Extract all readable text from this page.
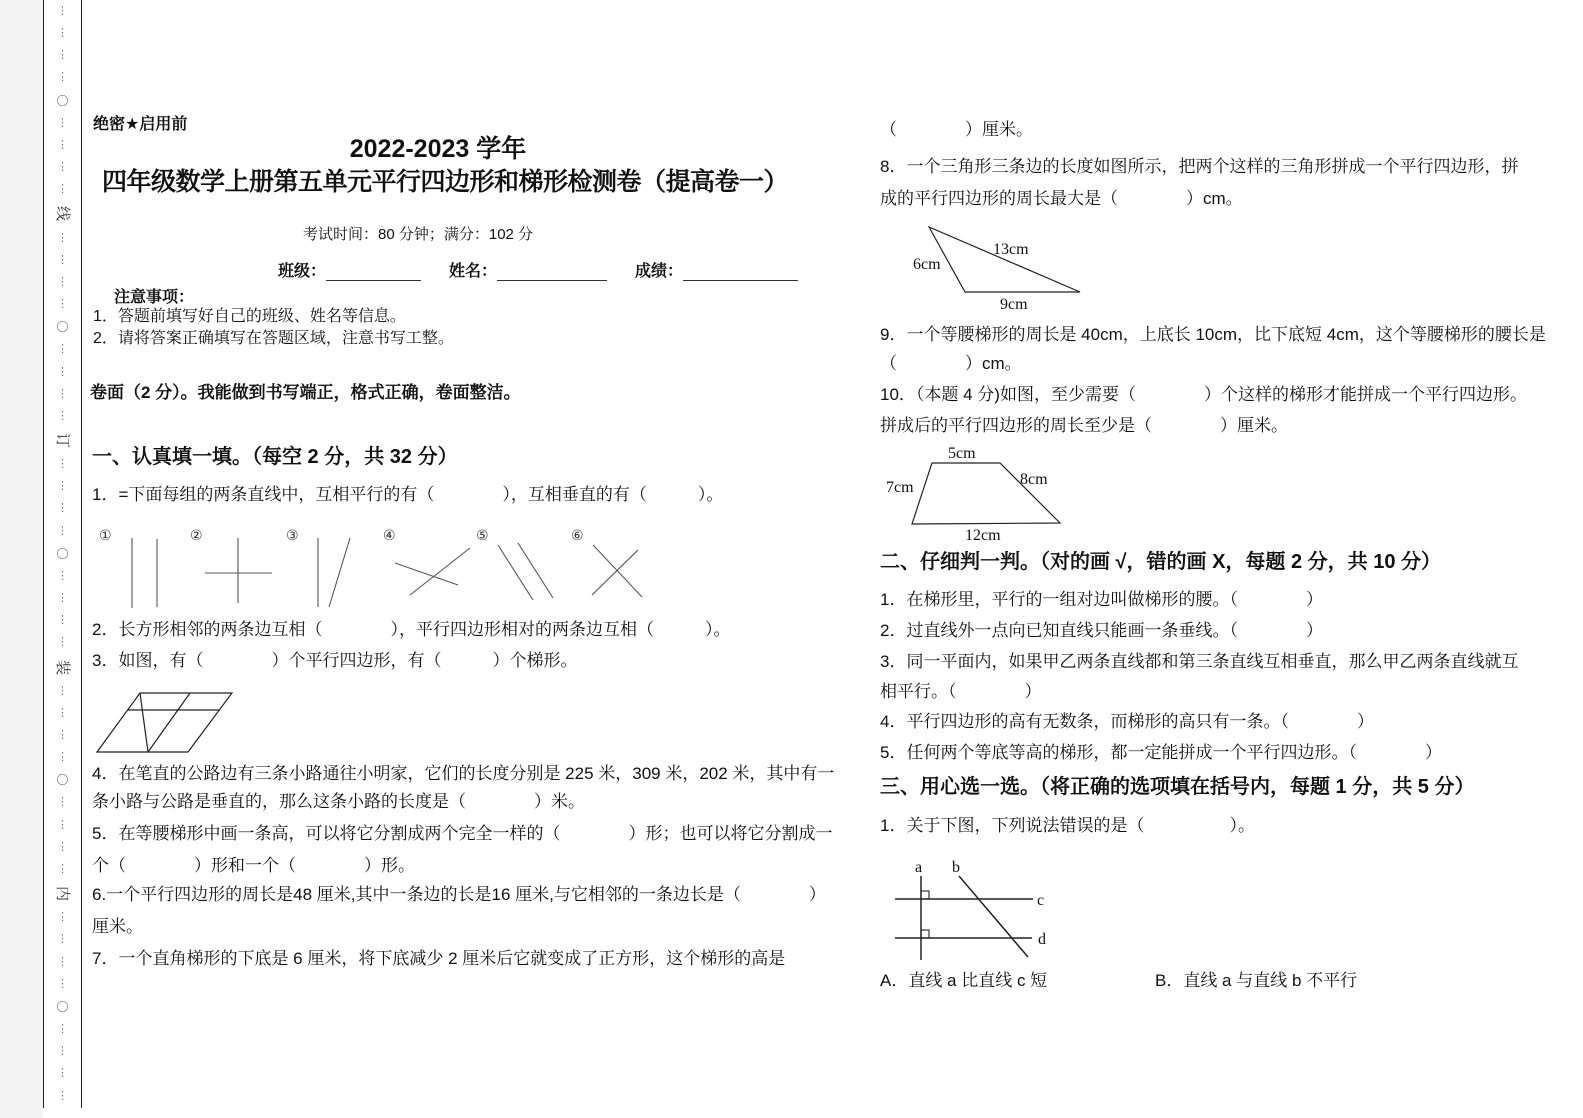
⋮
⋮
⋮
⋮
〇
⋮
⋮
⋮
⋮
线
⋮
⋮
⋮
⋮
〇
⋮
⋮
⋮
⋮
订
⋮
⋮
⋮
⋮
〇
⋮
⋮
⋮
⋮
装
⋮
⋮
⋮
⋮
〇
⋮
⋮
⋮
⋮
内
⋮
⋮
⋮
⋮
〇
⋮
⋮
⋮
⋮
绝密★启用前
2022-2023 学年
四年级数学上册第五单元平行四边形和梯形检测卷（提高卷一）
考试时间：80 分钟；满分：102 分
班级：	姓名：	成绩：
注意事项：
1．答题前填写好自己的班级、姓名等信息。
2．请将答案正确填写在答题区域，注意书写工整。
卷面（2 分）。我能做到书写端正，格式正确，卷面整洁。
一、认真填一填。（每空 2 分，共 32 分）
1．=下面每组的两条直线中，互相平行的有（　　　　），互相垂直的有（　　　）。
①	②	③	④	⑤	⑥
2．长方形相邻的两条边互相（　　　　），平行四边形相对的两条边互相（　　　）。
3．如图，有（　　　　）个平行四边形，有（　　　）个梯形。
4．在笔直的公路边有三条小路通往小明家，它们的长度分别是 225 米，309 米，202 米，其中有一
条小路与公路是垂直的，那么这条小路的长度是（　　　　）米。
5．在等腰梯形中画一条高，可以将它分割成两个完全一样的（　　　　）形；也可以将它分割成一
个（　　　　）形和一个（　　　　）形。
6.一个平行四边形的周长是48 厘米,其中一条边的长是16 厘米,与它相邻的一条边长是（　　　　）
厘米。
7．一个直角梯形的下底是 6 厘米，将下底减少 2 厘米后它就变成了正方形，这个梯形的高是
（　　　　）厘米。
8．一个三角形三条边的长度如图所示，把两个这样的三角形拼成一个平行四边形，拼
成的平行四边形的周长最大是（　　　　）cm。
13cm
6cm
9cm
9．一个等腰梯形的周长是 40cm，上底长 10cm，比下底短 4cm，这个等腰梯形的腰长是
（　　　　）cm。
10．（本题 4 分)如图，至少需要（　　　　）个这样的梯形才能拼成一个平行四边形。
拼成后的平行四边形的周长至少是（　　　　）厘米。
5cm
8cm
7cm
12cm
二、仔细判一判。（对的画 √，错的画 X，每题 2 分，共 10 分）
1．在梯形里，平行的一组对边叫做梯形的腰。（　　　　）
2．过直线外一点向已知直线只能画一条垂线。（　　　　）
3．同一平面内，如果甲乙两条直线都和第三条直线互相垂直，那么甲乙两条直线就互
相平行。（　　　　）
4．平行四边形的高有无数条，而梯形的高只有一条。（　　　　）
5．任何两个等底等高的梯形，都一定能拼成一个平行四边形。（　　　　）
三、用心选一选。（将正确的选项填在括号内，每题 1 分，共 5 分）
1．关于下图，下列说法错误的是（　　　　　）。
a b
c
d
A．直线 a 比直线 c 短	B．直线 a 与直线 b 不平行
